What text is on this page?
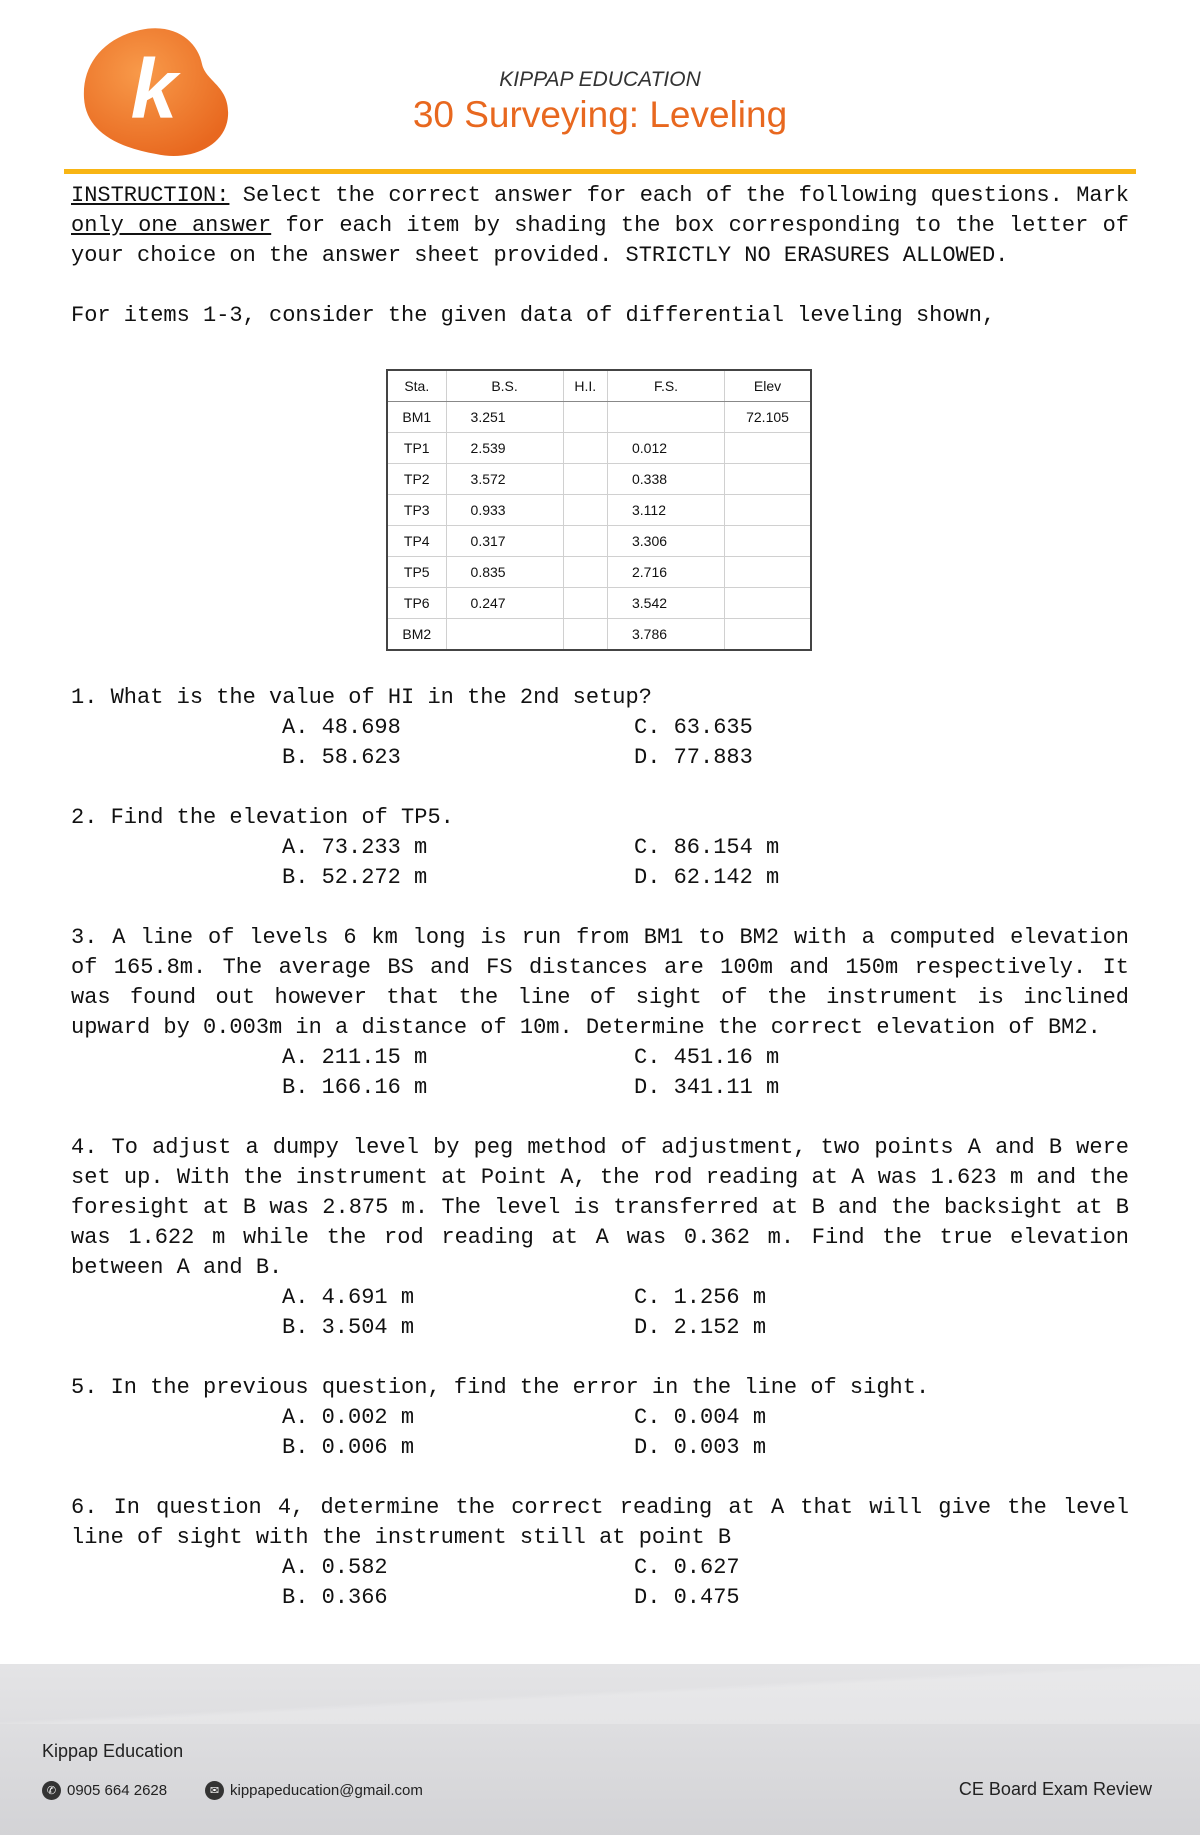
k	KIPPAP EDUCATION
30 Surveying: Leveling

INSTRUCTION: Select the correct answer for each of the following questions. Mark only one answer for each item by shading the box corresponding to the letter of your choice on the answer sheet provided. STRICTLY NO ERASURES ALLOWED.

For items 1-3, consider the given data of differential leveling shown,

Sta.	B.S.	H.I.	F.S.	Elev
BM1	3.251			72.105
TP1	2.539		0.012	
TP2	3.572		0.338	
TP3	0.933		3.112	
TP4	0.317		3.306	
TP5	0.835		2.716	
TP6	0.247		3.542	
BM2			3.786	

1. What is the value of HI in the 2nd setup?

A. 48.698	C. 63.635
B. 58.623	D. 77.883

2. Find the elevation of TP5.

A. 73.233 m	C. 86.154 m
B. 52.272 m	D. 62.142 m

3. A line of levels 6 km long is run from BM1 to BM2 with a computed elevation of 165.8m. The average BS and FS distances are 100m and 150m respectively. It was found out however that the line of sight of the instrument is inclined upward by 0.003m in a distance of 10m. Determine the correct elevation of BM2.

A. 211.15 m	C. 451.16 m
B. 166.16 m	D. 341.11 m

4. To adjust a dumpy level by peg method of adjustment, two points A and B were set up. With the instrument at Point A, the rod reading at A was 1.623 m and the foresight at B was 2.875 m. The level is transferred at B and the backsight at B was 1.622 m while the rod reading at A was 0.362 m. Find the true elevation between A and B.

A. 4.691 m	C. 1.256 m
B. 3.504 m	D. 2.152 m

5. In the previous question, find the error in the line of sight.

A. 0.002 m	C. 0.004 m
B. 0.006 m	D. 0.003 m

6. In question 4, determine the correct reading at A that will give the level line of sight with the instrument still at point B

A. 0.582	C. 0.627
B. 0.366	D. 0.475
Kippap Education
✆ 0905 664 2628	✉ kippapeducation@gmail.com	CE Board Exam Review
